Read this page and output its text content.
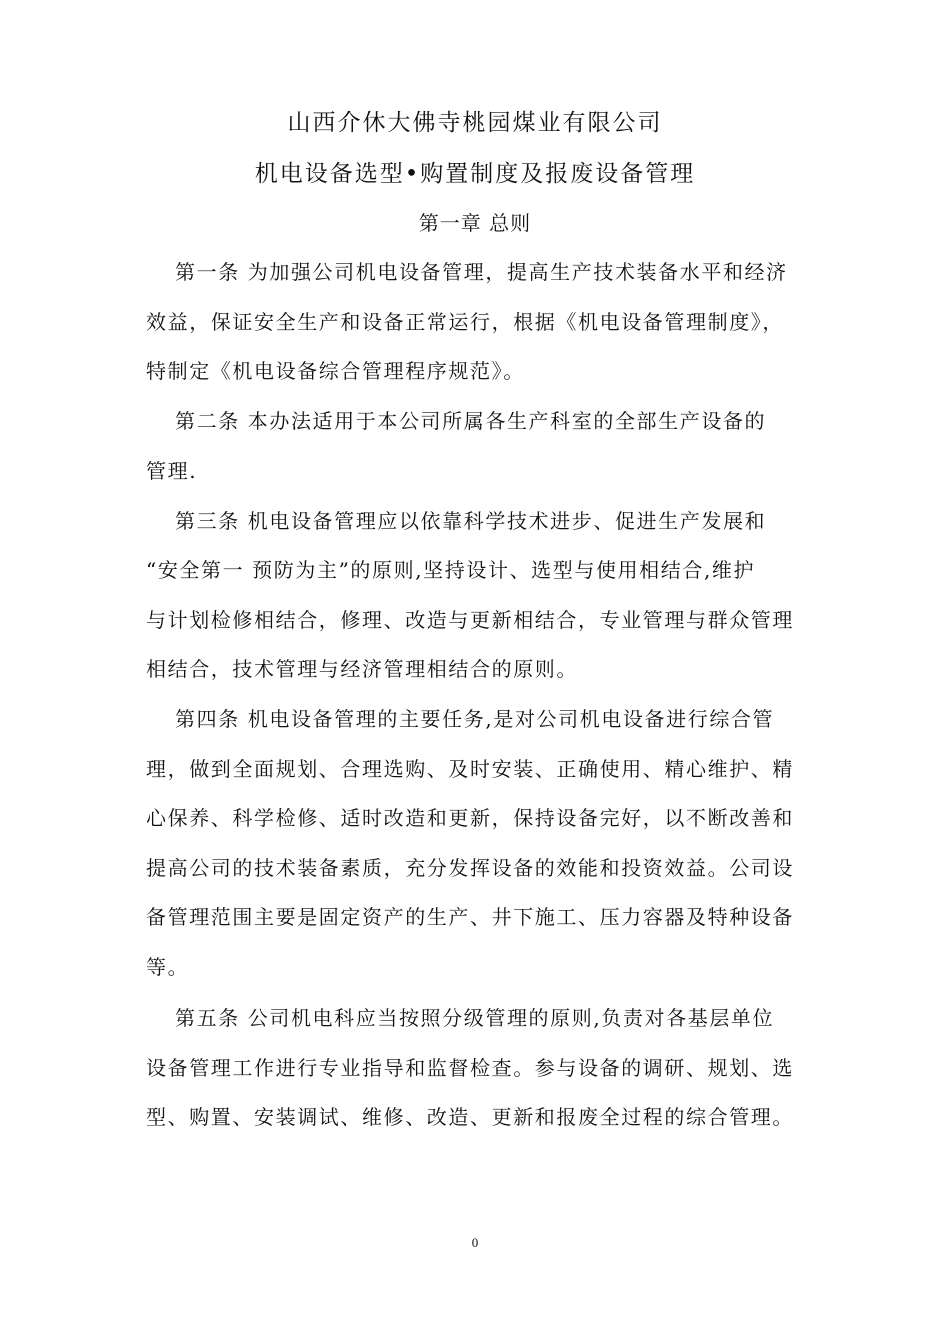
山西介休大佛寺桃园煤业有限公司
机电设备选型•购置制度及报废设备管理
第一章 总则
第一条 为加强公司机电设备管理，提高生产技术装备水平和经济
效益，保证安全生产和设备正常运行，根据《机电设备管理制度》，
特制定《机电设备综合管理程序规范》。
第二条 本办法适用于本公司所属各生产科室的全部生产设备的
管理.
第三条 机电设备管理应以依靠科学技术进步、促进生产发展和
“安全第一 预防为主”的原则,坚持设计、选型与使用相结合,维护
与计划检修相结合，修理、改造与更新相结合，专业管理与群众管理
相结合，技术管理与经济管理相结合的原则。
第四条 机电设备管理的主要任务,是对公司机电设备进行综合管
理，做到全面规划、合理选购、及时安装、正确使用、精心维护、精
心保养、科学检修、适时改造和更新，保持设备完好，以不断改善和
提高公司的技术装备素质，充分发挥设备的效能和投资效益。公司设
备管理范围主要是固定资产的生产、井下施工、压力容器及特种设备
等。
第五条 公司机电科应当按照分级管理的原则,负责对各基层单位
设备管理工作进行专业指导和监督检查。参与设备的调研、规划、选
型、购置、安装调试、维修、改造、更新和报废全过程的综合管理。
0
